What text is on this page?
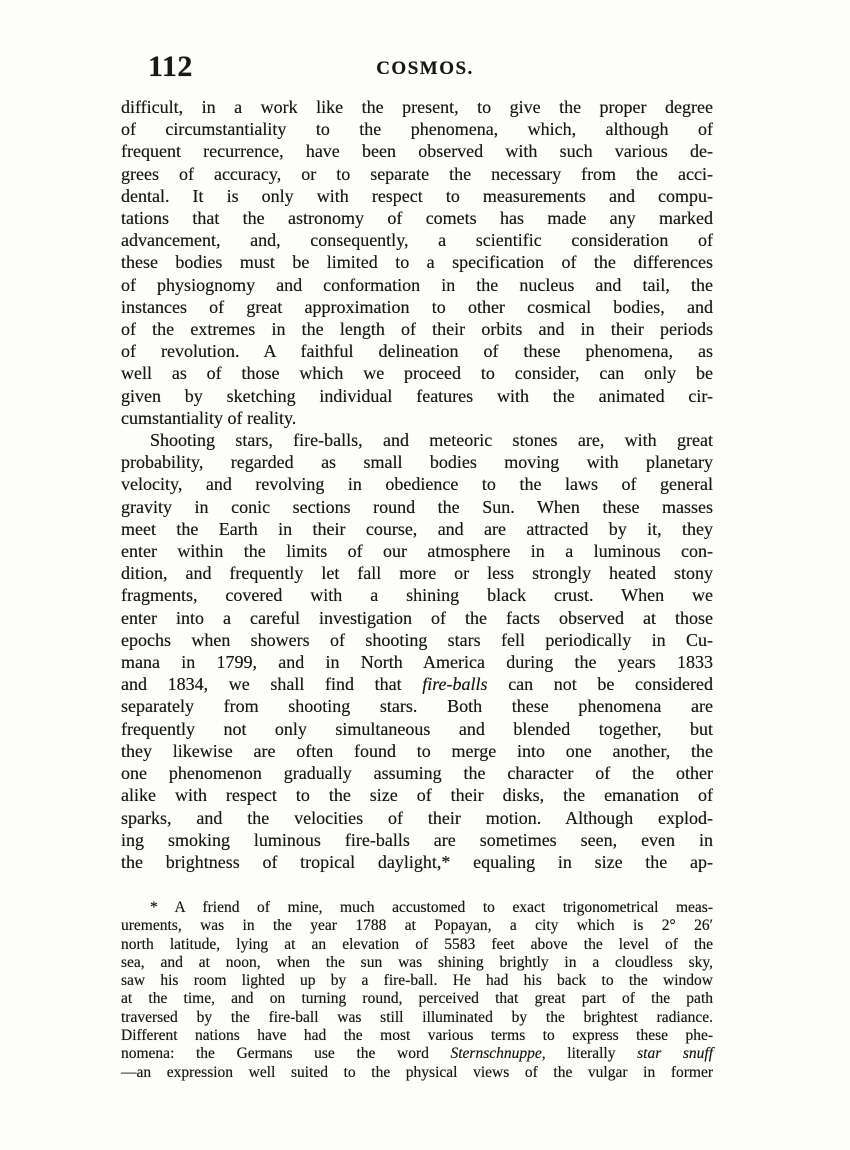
112	COSMOS.
difficult, in a work like the present, to give the proper degree
of circumstantiality to the phenomena, which, although of
frequent recurrence, have been observed with such various de-
grees of accuracy, or to separate the necessary from the acci-
dental. It is only with respect to measurements and compu-
tations that the astronomy of comets has made any marked
advancement, and, consequently, a scientific consideration of
these bodies must be limited to a specification of the differences
of physiognomy and conformation in the nucleus and tail, the
instances of great approximation to other cosmical bodies, and
of the extremes in the length of their orbits and in their periods
of revolution. A faithful delineation of these phenomena, as
well as of those which we proceed to consider, can only be
given by sketching individual features with the animated cir-
cumstantiality of reality.
Shooting stars, fire-balls, and meteoric stones are, with great
probability, regarded as small bodies moving with planetary
velocity, and revolving in obedience to the laws of general
gravity in conic sections round the Sun. When these masses
meet the Earth in their course, and are attracted by it, they
enter within the limits of our atmosphere in a luminous con-
dition, and frequently let fall more or less strongly heated stony
fragments, covered with a shining black crust. When we
enter into a careful investigation of the facts observed at those
epochs when showers of shooting stars fell periodically in Cu-
mana in 1799, and in North America during the years 1833
and 1834, we shall find that fire-balls can not be considered
separately from shooting stars. Both these phenomena are
frequently not only simultaneous and blended together, but
they likewise are often found to merge into one another, the
one phenomenon gradually assuming the character of the other
alike with respect to the size of their disks, the emanation of
sparks, and the velocities of their motion. Although explod-
ing smoking luminous fire-balls are sometimes seen, even in
the brightness of tropical daylight,* equaling in size the ap-
* A friend of mine, much accustomed to exact trigonometrical meas-
urements, was in the year 1788 at Popayan, a city which is 2° 26′
north latitude, lying at an elevation of 5583 feet above the level of the
sea, and at noon, when the sun was shining brightly in a cloudless sky,
saw his room lighted up by a fire-ball. He had his back to the window
at the time, and on turning round, perceived that great part of the path
traversed by the fire-ball was still illuminated by the brightest radiance.
Different nations have had the most various terms to express these phe-
nomena: the Germans use the word Sternschnuppe, literally star snuff
—an expression well suited to the physical views of the vulgar in former
